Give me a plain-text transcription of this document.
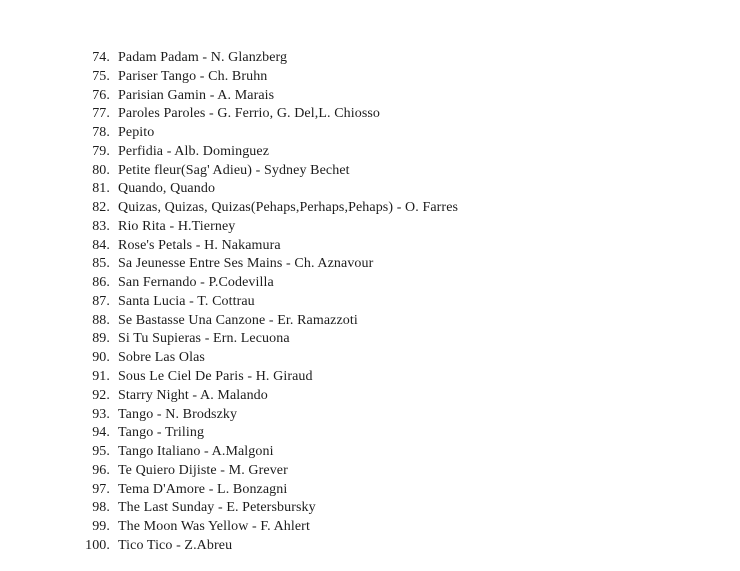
74. Padam Padam - N. Glanzberg
75. Pariser Tango - Ch. Bruhn
76. Parisian Gamin - A. Marais
77. Paroles Paroles - G. Ferrio, G. Del,L. Chiosso
78. Pepito
79. Perfidia - Alb. Dominguez
80. Petite fleur(Sag' Adieu) - Sydney Bechet
81. Quando, Quando
82. Quizas, Quizas, Quizas(Pehaps,Perhaps,Pehaps) - O. Farres
83. Rio Rita - H.Tierney
84. Rose's Petals - H. Nakamura
85. Sa Jeunesse Entre Ses Mains - Ch. Aznavour
86. San Fernando - P.Codevilla
87. Santa Lucia - T. Cottrau
88. Se Bastasse Una Canzone - Er. Ramazzoti
89. Si Tu Supieras - Ern. Lecuona
90. Sobre Las Olas
91. Sous Le Ciel De Paris - H. Giraud
92. Starry Night - A. Malando
93. Tango - N. Brodszky
94. Tango - Triling
95. Tango Italiano - A.Malgoni
96. Te Quiero Dijiste - M. Grever
97. Tema D'Amore - L. Bonzagni
98. The Last Sunday - E. Petersbursky
99. The Moon Was Yellow - F. Ahlert
100. Tico Tico - Z.Abreu
